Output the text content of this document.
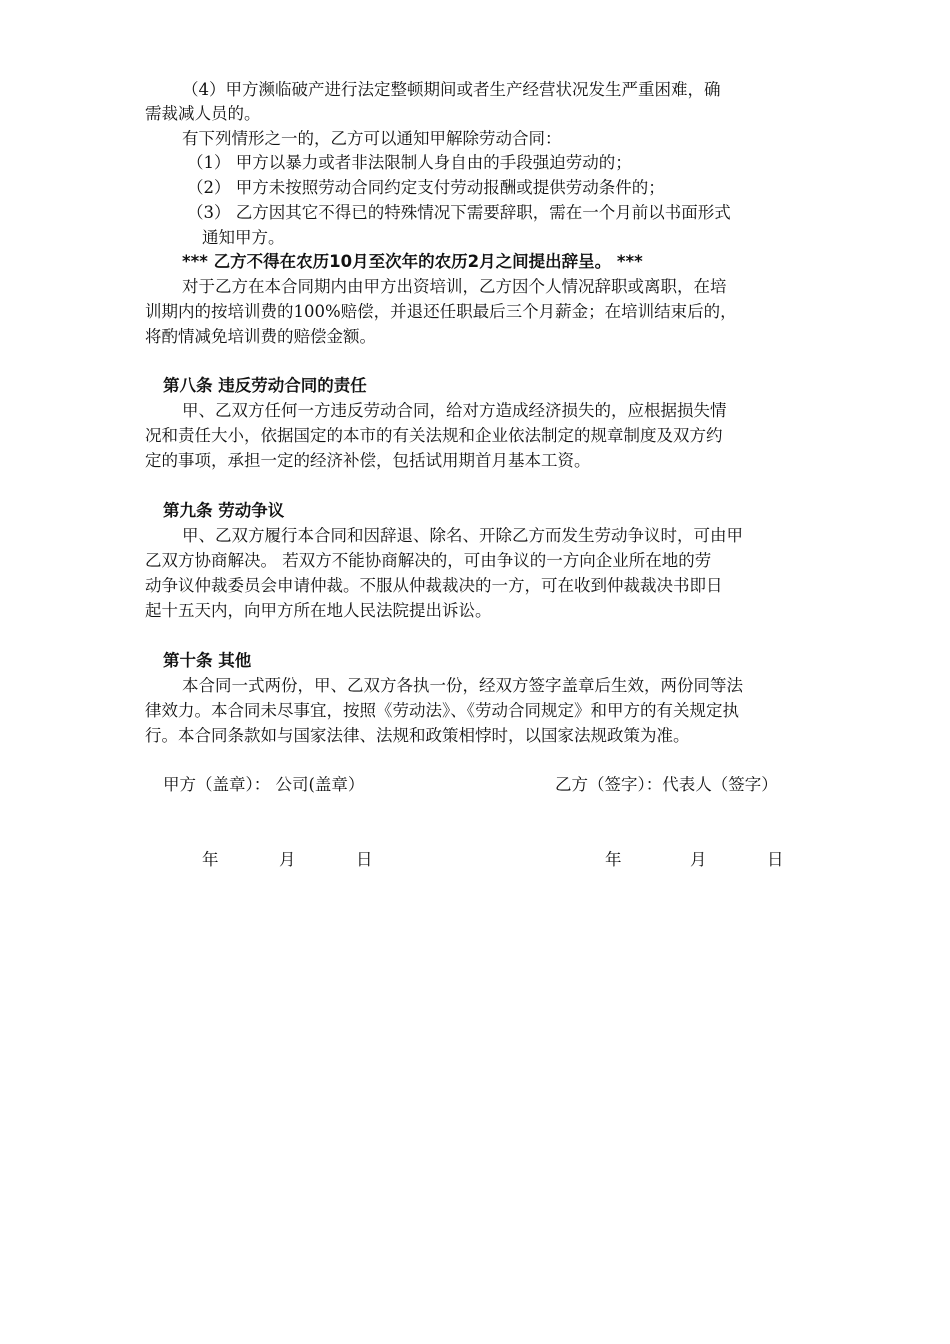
（4）甲方濒临破产进行法定整顿期间或者生产经营状况发生严重困难，确
需裁减人员的。
有下列情形之一的，乙方可以通知甲解除劳动合同：
（1） 甲方以暴力或者非法限制人身自由的手段强迫劳动的；
（2） 甲方未按照劳动合同约定支付劳动报酬或提供劳动条件的；
（3） 乙方因其它不得已的特殊情况下需要辞职，需在一个月前以书面形式
通知甲方。
*** 乙方不得在农历10月至次年的农历2月之间提出辞呈。 ***
对于乙方在本合同期内由甲方出资培训，乙方因个人情况辞职或离职，在培
训期内的按培训费的100%赔偿，并退还任职最后三个月薪金；在培训结束后的，
将酌情减免培训费的赔偿金额。
第八条 违反劳动合同的责任
甲、乙双方任何一方违反劳动合同，给对方造成经济损失的，应根据损失情
况和责任大小，依据国定的本市的有关法规和企业依法制定的规章制度及双方约
定的事项，承担一定的经济补偿，包括试用期首月基本工资。
第九条 劳动争议
甲、乙双方履行本合同和因辞退、除名、开除乙方而发生劳动争议时，可由甲
乙双方协商解决。 若双方不能协商解决的，可由争议的一方向企业所在地的劳
动争议仲裁委员会申请仲裁。不服从仲裁裁决的一方，可在收到仲裁裁决书即日
起十五天内，向甲方所在地人民法院提出诉讼。
第十条 其他
本合同一式两份，甲、乙双方各执一份，经双方签字盖章后生效，两份同等法
律效力。本合同未尽事宜，按照《劳动法》、《劳动合同规定》和甲方的有关规定执
行。本合同条款如与国家法律、法规和政策相悖时，以国家法规政策为准。
甲方（盖章）： 公司(盖章）	乙方（签字）：代表人（签字）
年	月	日	年	月	日
